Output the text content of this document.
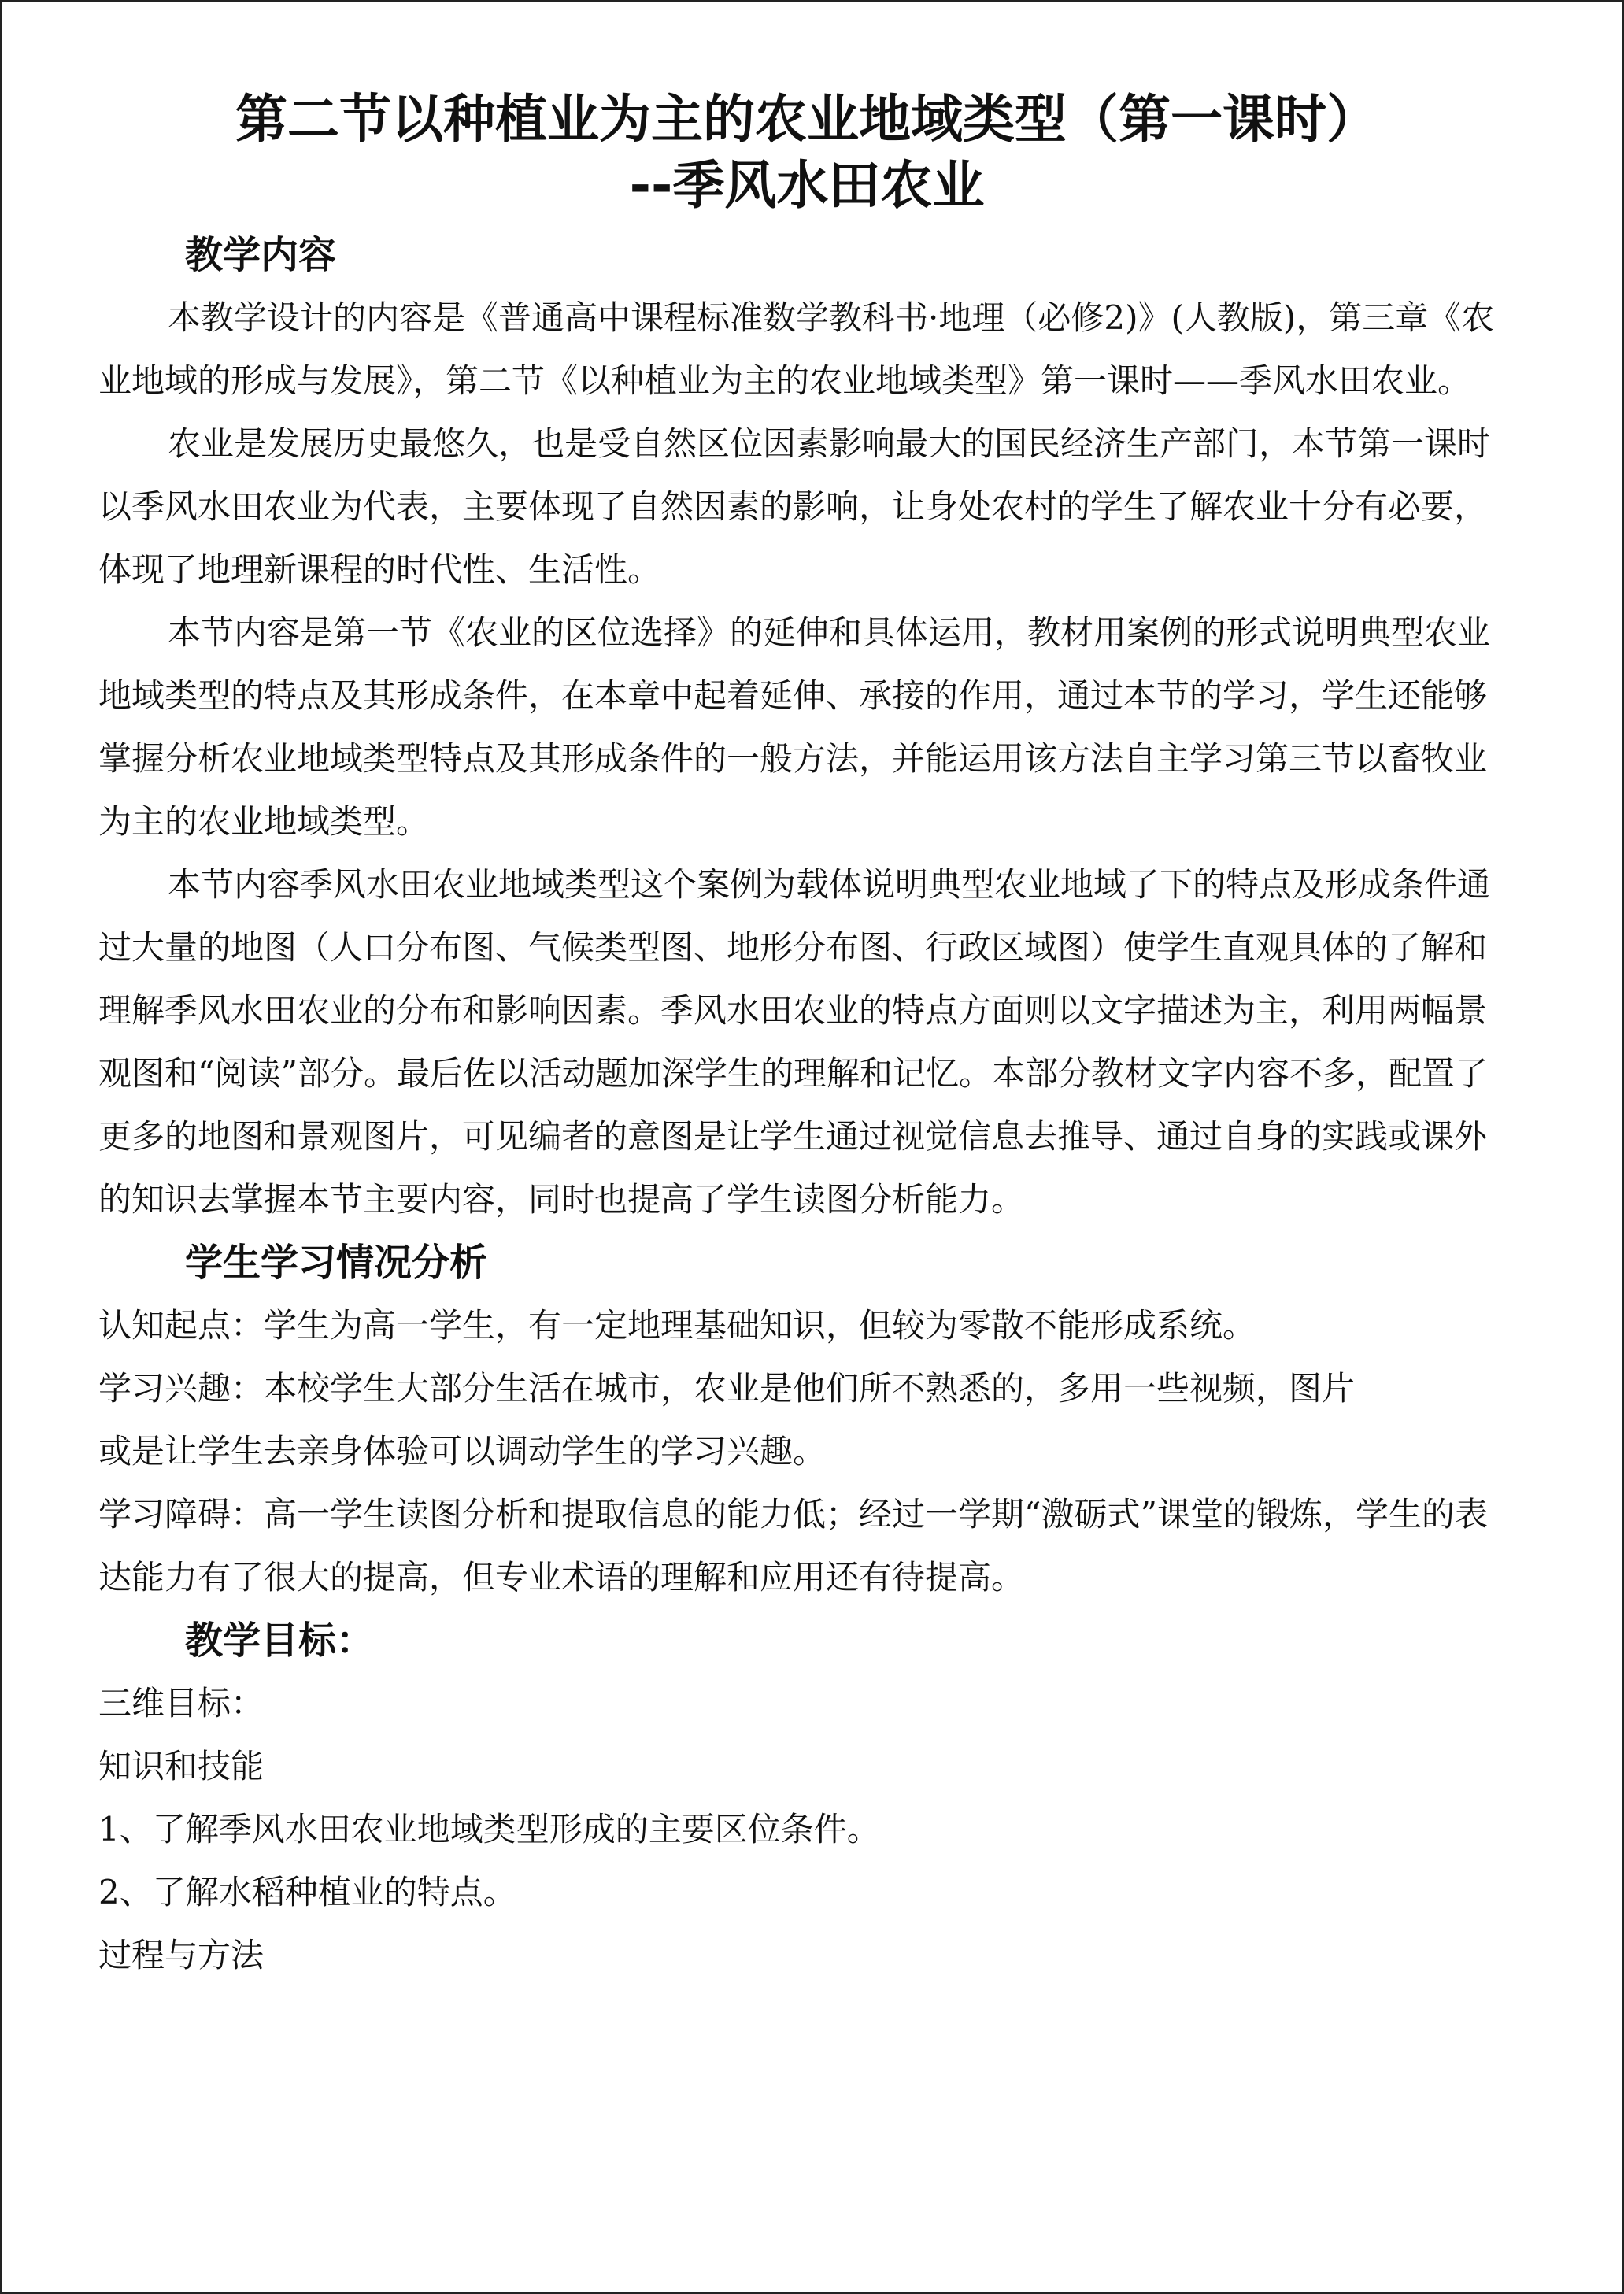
第二节以种植业为主的农业地域类型（第一课时）
--季风水田农业
教学内容

本教学设计的内容是《普通高中课程标准数学教科书·地理（必修2)》(人教版)，第三章《农业地域的形成与发展》，第二节《以种植业为主的农业地域类型》第一课时——季风水田农业。

农业是发展历史最悠久，也是受自然区位因素影响最大的国民经济生产部门，本节第一课时以季风水田农业为代表，主要体现了自然因素的影响，让身处农村的学生了解农业十分有必要，体现了地理新课程的时代性、生活性。

本节内容是第一节《农业的区位选择》的延伸和具体运用，教材用案例的形式说明典型农业地域类型的特点及其形成条件，在本章中起着延伸、承接的作用，通过本节的学习，学生还能够掌握分析农业地域类型特点及其形成条件的一般方法，并能运用该方法自主学习第三节以畜牧业为主的农业地域类型。

本节内容季风水田农业地域类型这个案例为载体说明典型农业地域了下的特点及形成条件通过大量的地图（人口分布图、气候类型图、地形分布图、行政区域图）使学生直观具体的了解和理解季风水田农业的分布和影响因素。季风水田农业的特点方面则以文字描述为主，利用两幅景观图和“阅读”部分。最后佐以活动题加深学生的理解和记忆。本部分教材文字内容不多，配置了更多的地图和景观图片，可见编者的意图是让学生通过视觉信息去推导、通过自身的实践或课外的知识去掌握本节主要内容，同时也提高了学生读图分析能力。

学生学习情况分析

认知起点：学生为高一学生，有一定地理基础知识，但较为零散不能形成系统。

学习兴趣：本校学生大部分生活在城市，农业是他们所不熟悉的，多用一些视频，图片

或是让学生去亲身体验可以调动学生的学习兴趣。

学习障碍：高一学生读图分析和提取信息的能力低；经过一学期“激砺式”课堂的锻炼，学生的表达能力有了很大的提高，但专业术语的理解和应用还有待提高。

教学目标：

三维目标：

知识和技能

1、了解季风水田农业地域类型形成的主要区位条件。

2、了解水稻种植业的特点。

过程与方法
